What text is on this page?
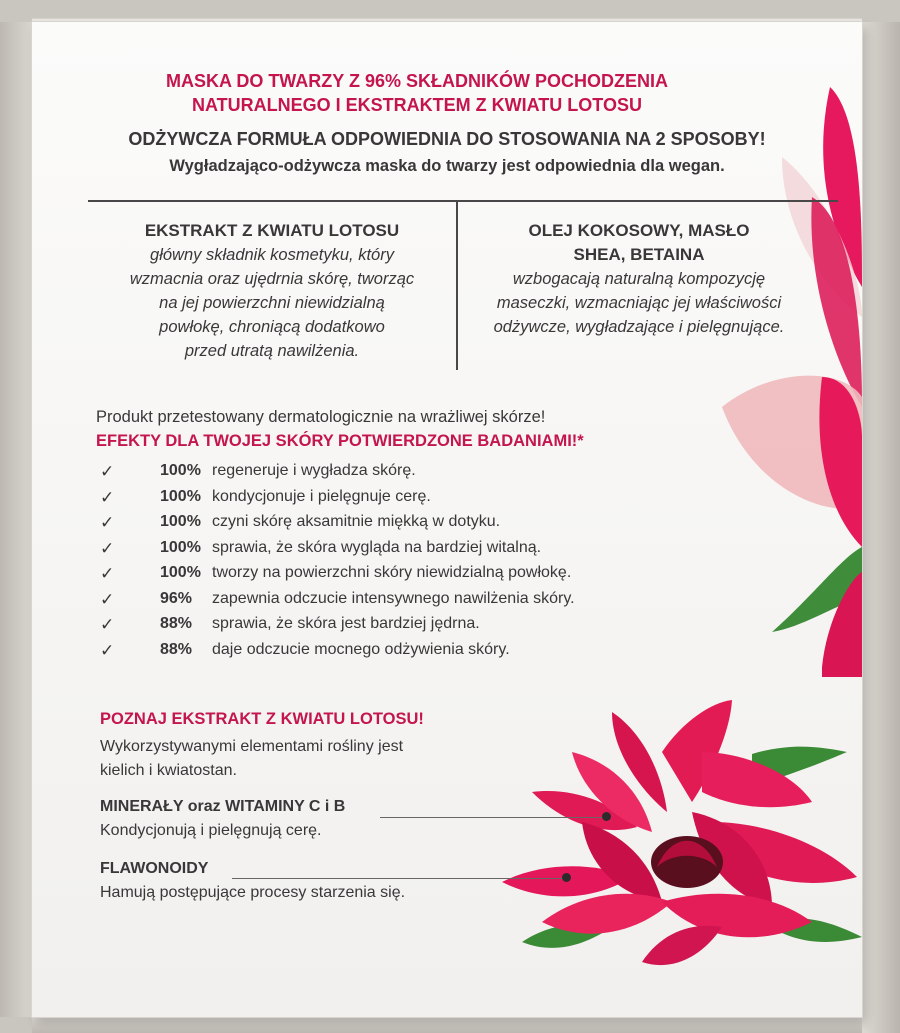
MASKA DO TWARZY Z 96% SKŁADNIKÓW POCHODZENIA

NATURALNEGO I EKSTRAKTEM Z KWIATU LOTOSU

ODŻYWCZA FORMUŁA ODPOWIEDNIA DO STOSOWANIA NA 2 SPOSOBY!

Wygładzająco-odżywcza maska do twarzy jest odpowiednia dla wegan.

EKSTRAKT Z KWIATU LOTOSU

główny składnik kosmetyku, który

wzmacnia oraz ujędrnia skórę, tworząc

na jej powierzchni niewidzialną

powłokę, chroniącą dodatkowo

przed utratą nawilżenia.

OLEJ KOKOSOWY, MASŁO

SHEA, BETAINA

wzbogacają naturalną kompozycję

maseczki, wzmacniając jej właściwości

odżywcze, wygładzające i pielęgnujące.

Produkt przetestowany dermatologicznie na wrażliwej skórze!

EFEKTY DLA TWOJEJ SKÓRY POTWIERDZONE BADANIAMI!*

✓	100% regeneruje i wygładza skórę.
✓	100% kondycjonuje i pielęgnuje cerę.
✓	100% czyni skórę aksamitnie miękką w dotyku.
✓	100% sprawia, że skóra wygląda na bardziej witalną.
✓	100% tworzy na powierzchni skóry niewidzialną powłokę.
✓	96% zapewnia odczucie intensywnego nawilżenia skóry.
✓	88% sprawia, że skóra jest bardziej jędrna.
✓	88% daje odczucie mocnego odżywienia skóry.

POZNAJ EKSTRAKT Z KWIATU LOTOSU!

Wykorzystywanymi elementami rośliny jest

kielich i kwiatostan.

MINERAŁY oraz WITAMINY C i B

Kondycjonują i pielęgnują cerę.

FLAWONOIDY

Hamują postępujące procesy starzenia się.
